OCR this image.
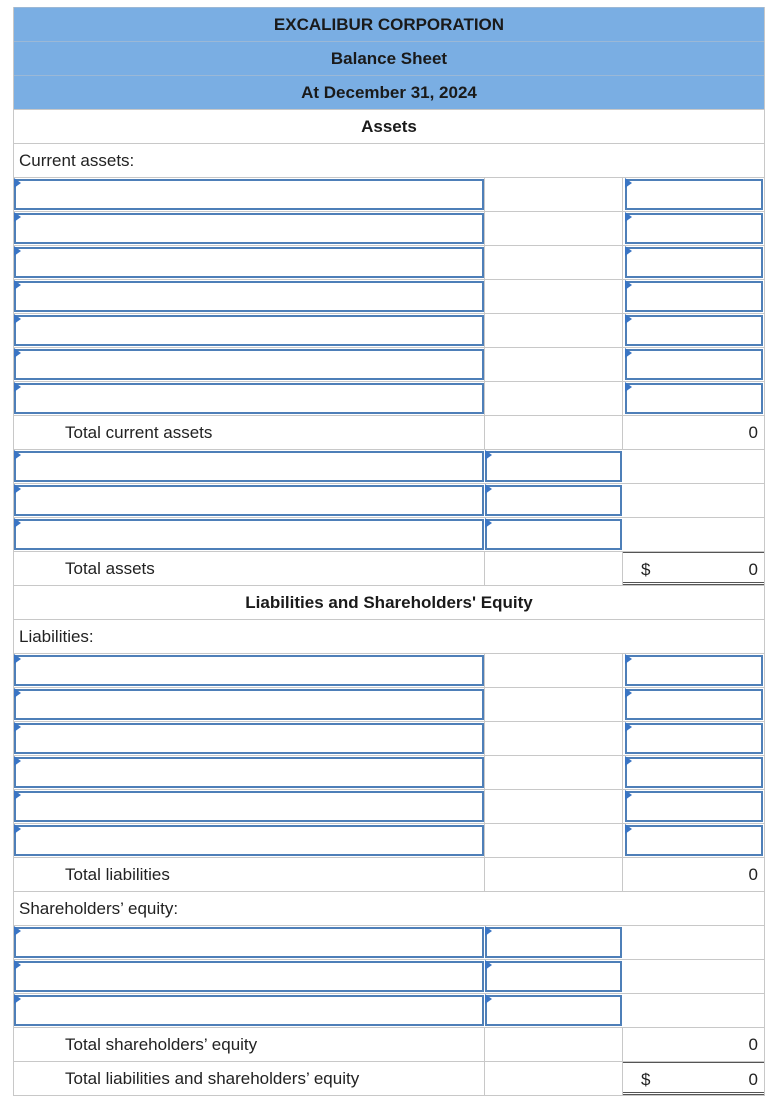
EXCALIBUR CORPORATION
Balance Sheet
At December 31, 2024
Assets
Current assets:
Total current assets	0
Total assets	$	0
Liabilities and Shareholders' Equity
Liabilities:
Total liabilities	0
Shareholders’ equity:
Total shareholders’ equity	0
Total liabilities and shareholders’ equity	$	0
